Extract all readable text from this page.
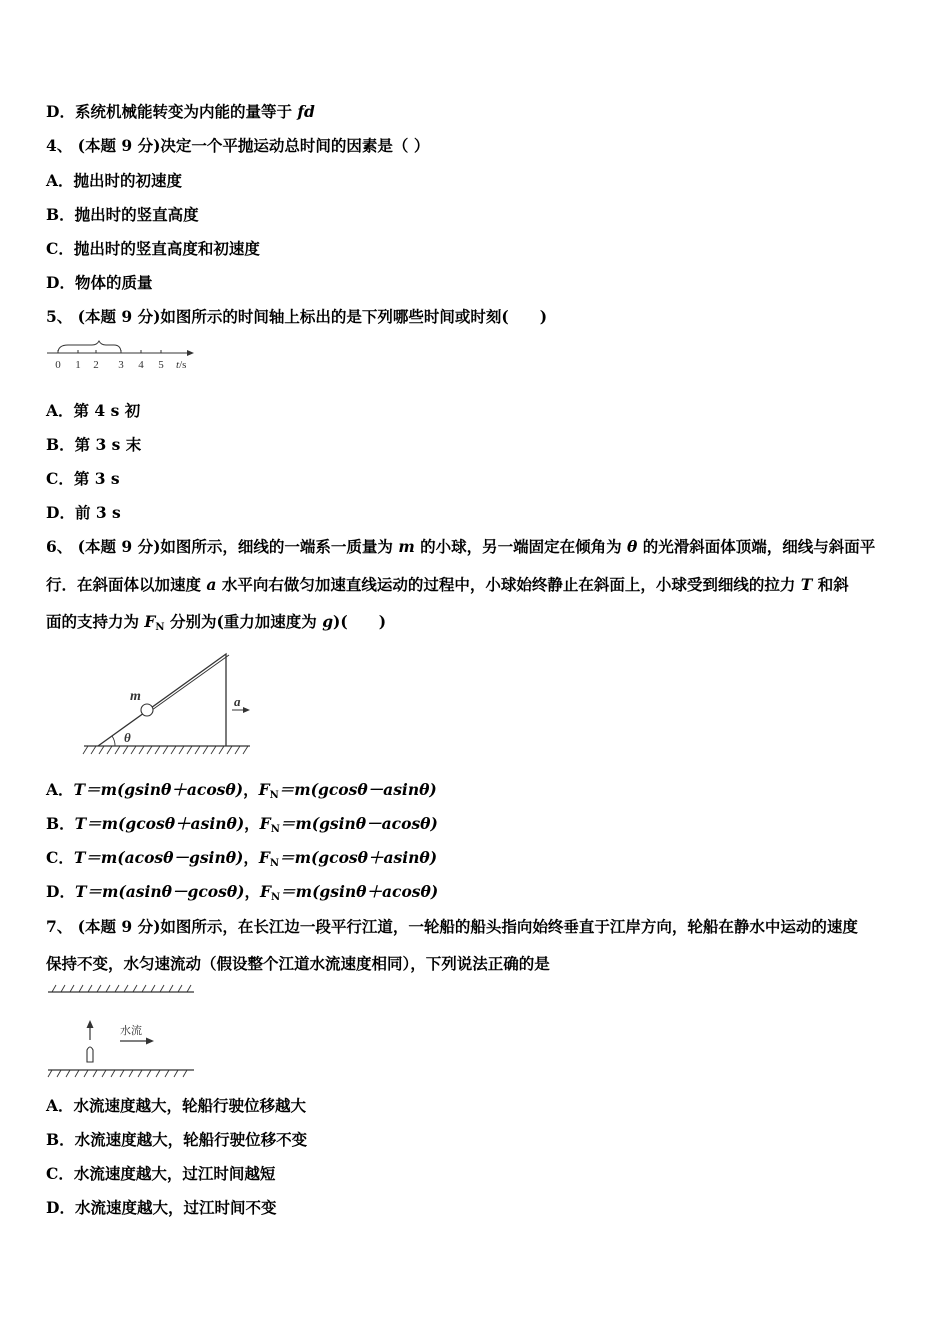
D．系统机械能转变为内能的量等于 fd
4、 (本题 9 分)决定一个平抛运动总时间的因素是（ ）
A．抛出时的初速度
B．抛出时的竖直高度
C．抛出时的竖直高度和初速度
D．物体的质量
5、 (本题 9 分)如图所示的时间轴上标出的是下列哪些时间或时刻(　　)
0 1 2 3 4 5 t/s
A．第 4 s 初
B．第 3 s 末
C．第 3 s
D．前 3 s
6、 (本题 9 分)如图所示，细线的一端系一质量为 m 的小球，另一端固定在倾角为 θ 的光滑斜面体顶端，细线与斜面平
行．在斜面体以加速度 a 水平向右做匀加速直线运动的过程中，小球始终静止在斜面上，小球受到细线的拉力 T 和斜
面的支持力为 $F_N$ 分别为(重力加速度为 g)(　　)
θ
m	a
A．T＝m(gsinθ＋acosθ)，$F_N=m(gcos\theta-asin\theta)$
B．T＝m(gcosθ＋asinθ)，$F_N=m(gsin\theta-acos\theta)$
C．T＝m(acosθ－gsinθ)，$F_N=m(gcos\theta+asin\theta)$
D．T＝m(asinθ－gcosθ)，$F_N=m(gsin\theta+acos\theta)$
7、 (本题 9 分)如图所示，在长江边一段平行江道，一轮船的船头指向始终垂直于江岸方向，轮船在静水中运动的速度
保持不变，水匀速流动（假设整个江道水流速度相同），下列说法正确的是
水流
A．水流速度越大，轮船行驶位移越大
B．水流速度越大，轮船行驶位移不变
C．水流速度越大，过江时间越短
D．水流速度越大，过江时间不变
